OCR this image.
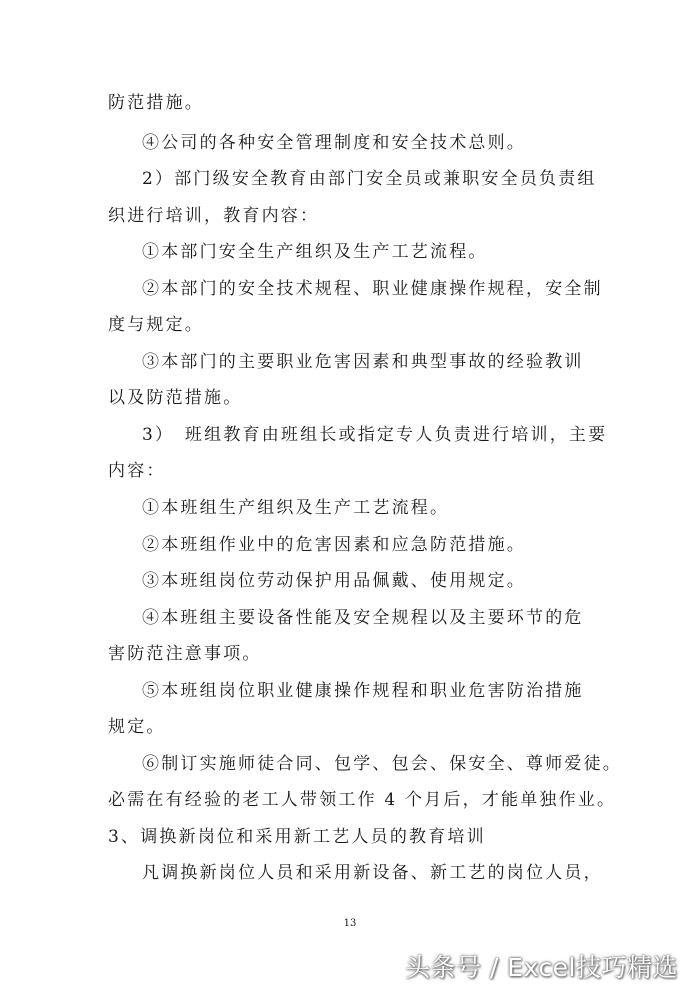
防范措施。
④公司的各种安全管理制度和安全技术总则。
2）部门级安全教育由部门安全员或兼职安全员负责组
织进行培训，教育内容：
①本部门安全生产组织及生产工艺流程。
②本部门的安全技术规程、职业健康操作规程，安全制
度与规定。
③本部门的主要职业危害因素和典型事故的经验教训
以及防范措施。
3）　班组教育由班组长或指定专人负责进行培训，主要
内容：
①本班组生产组织及生产工艺流程。
②本班组作业中的危害因素和应急防范措施。
③本班组岗位劳动保护用品佩戴、使用规定。
④本班组主要设备性能及安全规程以及主要环节的危
害防范注意事项。
⑤本班组岗位职业健康操作规程和职业危害防治措施
规定。
⑥制订实施师徒合同、包学、包会、保安全、尊师爱徒。
必需在有经验的老工人带领工作 4 个月后，才能单独作业。
3、调换新岗位和采用新工艺人员的教育培训
凡调换新岗位人员和采用新设备、新工艺的岗位人员，
13
头条号 / Excel技巧精选
